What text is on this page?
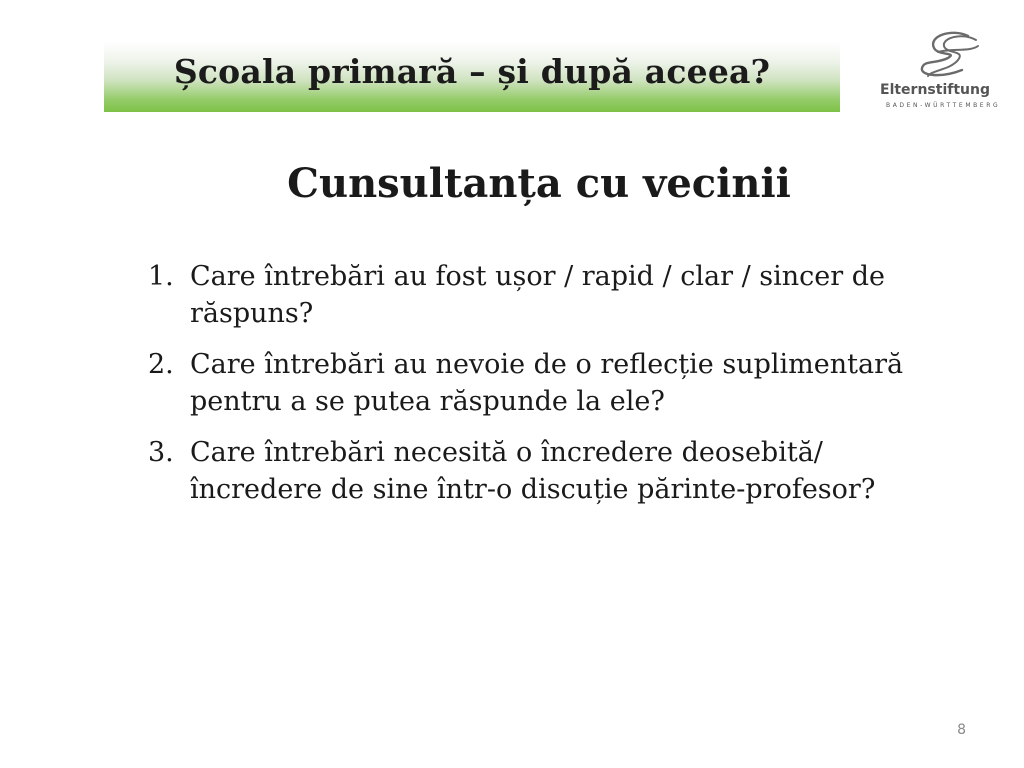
Școala primară – și după aceea?	Elternstiftung
BADEN-WÜRTTEMBERG
Cunsultanța cu vecinii
1. Care întrebări au fost ușor / rapid / clar / sincer de răspuns?
2. Care întrebări au nevoie de o reflecție suplimentară pentru a se putea răspunde la ele?
3. Care întrebări necesită o încredere deosebită/încredere de sine într-o discuție părinte-profesor?
8
